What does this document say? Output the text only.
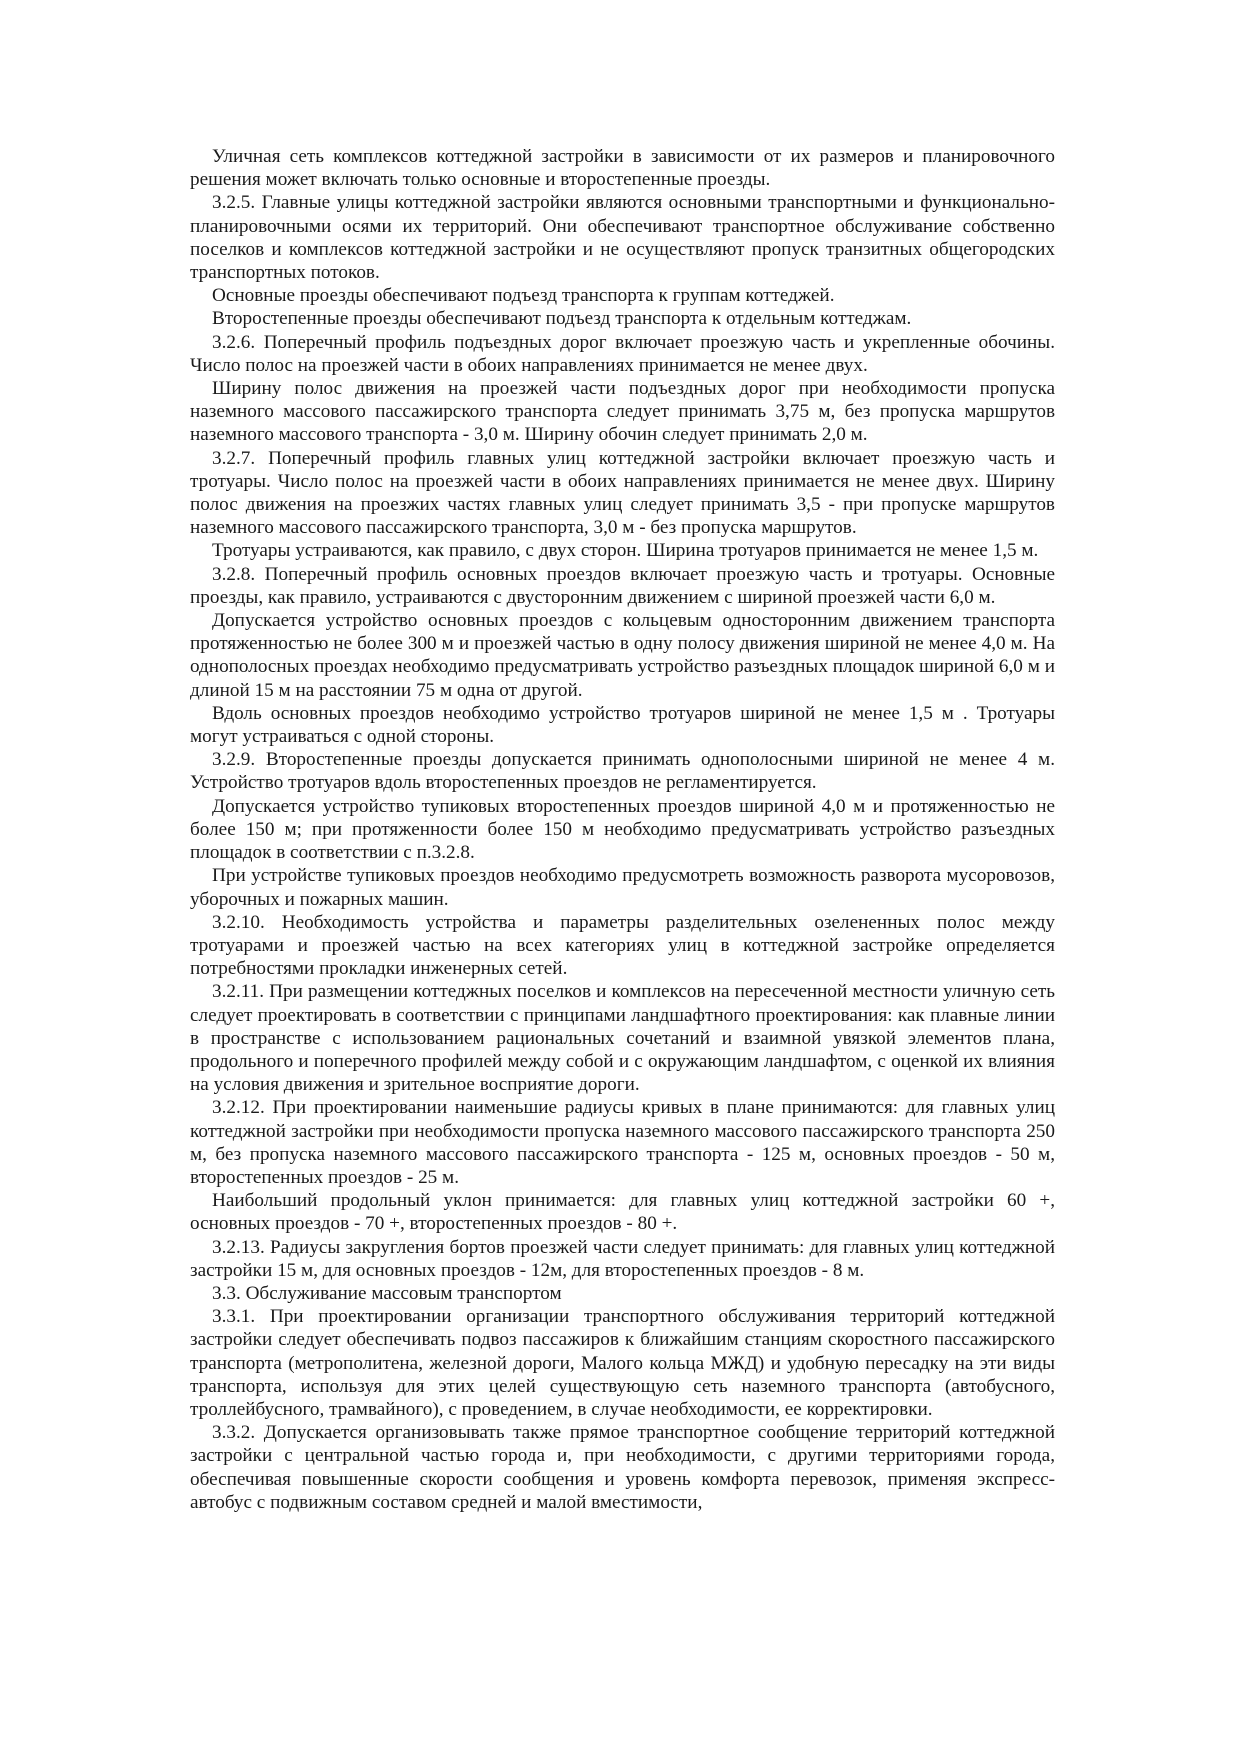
Уличная сеть комплексов коттеджной застройки в зависимости от их размеров и планировочного решения может включать только основные и второстепенные проезды.

3.2.5. Главные улицы коттеджной застройки являются основными транспортными и функционально-планировочными осями их территорий. Они обеспечивают транспортное обслуживание собственно поселков и комплексов коттеджной застройки и не осуществляют пропуск транзитных общегородских транспортных потоков.

Основные проезды обеспечивают подъезд транспорта к группам коттеджей.

Второстепенные проезды обеспечивают подъезд транспорта к отдельным коттеджам.

3.2.6. Поперечный профиль подъездных дорог включает проезжую часть и укрепленные обочины. Число полос на проезжей части в обоих направлениях принимается не менее двух.

Ширину полос движения на проезжей части подъездных дорог при необходимости пропуска наземного массового пассажирского транспорта следует принимать 3,75 м, без пропуска маршрутов наземного массового транспорта - 3,0 м. Ширину обочин следует принимать 2,0 м.

3.2.7. Поперечный профиль главных улиц коттеджной застройки включает проезжую часть и тротуары. Число полос на проезжей части в обоих направлениях принимается не менее двух. Ширину полос движения на проезжих частях главных улиц следует принимать 3,5 - при пропуске маршрутов наземного массового пассажирского транспорта, 3,0 м - без пропуска маршрутов.

Тротуары устраиваются, как правило, с двух сторон. Ширина тротуаров принимается не менее 1,5 м.

3.2.8. Поперечный профиль основных проездов включает проезжую часть и тротуары. Основные проезды, как правило, устраиваются с двусторонним движением с шириной проезжей части 6,0 м.

Допускается устройство основных проездов с кольцевым односторонним движением транспорта протяженностью не более 300 м и проезжей частью в одну полосу движения шириной не менее 4,0 м. На однополосных проездах необходимо предусматривать устройство разъездных площадок шириной 6,0 м и длиной 15 м на расстоянии 75 м одна от другой.

Вдоль основных проездов необходимо устройство тротуаров шириной не менее 1,5 м . Тротуары могут устраиваться с одной стороны.

3.2.9. Второстепенные проезды допускается принимать однополосными шириной не менее 4 м. Устройство тротуаров вдоль второстепенных проездов не регламентируется.

Допускается устройство тупиковых второстепенных проездов шириной 4,0 м и протяженностью не более 150 м; при протяженности более 150 м необходимо предусматривать устройство разъездных площадок в соответствии с п.3.2.8.

При устройстве тупиковых проездов необходимо предусмотреть возможность разворота мусоровозов, уборочных и пожарных машин.

3.2.10. Необходимость устройства и параметры разделительных озелененных полос между тротуарами и проезжей частью на всех категориях улиц в коттеджной застройке определяется потребностями прокладки инженерных сетей.

3.2.11. При размещении коттеджных поселков и комплексов на пересеченной местности уличную сеть следует проектировать в соответствии с принципами ландшафтного проектирования: как плавные линии в пространстве с использованием рациональных сочетаний и взаимной увязкой элементов плана, продольного и поперечного профилей между собой и с окружающим ландшафтом, с оценкой их влияния на условия движения и зрительное восприятие дороги.

3.2.12. При проектировании наименьшие радиусы кривых в плане принимаются: для главных улиц коттеджной застройки при необходимости пропуска наземного массового пассажирского транспорта 250 м, без пропуска наземного массового пассажирского транспорта - 125 м, основных проездов - 50 м, второстепенных проездов - 25 м.

Наибольший продольный уклон принимается: для главных улиц коттеджной застройки 60 +, основных проездов - 70 +, второстепенных проездов - 80 +.

3.2.13. Радиусы закругления бортов проезжей части следует принимать: для главных улиц коттеджной застройки 15 м, для основных проездов - 12м, для второстепенных проездов - 8 м.

3.3. Обслуживание массовым транспортом

3.3.1. При проектировании организации транспортного обслуживания территорий коттеджной застройки следует обеспечивать подвоз пассажиров к ближайшим станциям скоростного пассажирского транспорта (метрополитена, железной дороги, Малого кольца МЖД) и удобную пересадку на эти виды транспорта, используя для этих целей существующую сеть наземного транспорта (автобусного, троллейбусного, трамвайного), с проведением, в случае необходимости, ее корректировки.

3.3.2. Допускается организовывать также прямое транспортное сообщение территорий коттеджной застройки с центральной частью города и, при необходимости, с другими территориями города, обеспечивая повышенные скорости сообщения и уровень комфорта перевозок, применяя экспресс-автобус с подвижным составом средней и малой вместимости,
